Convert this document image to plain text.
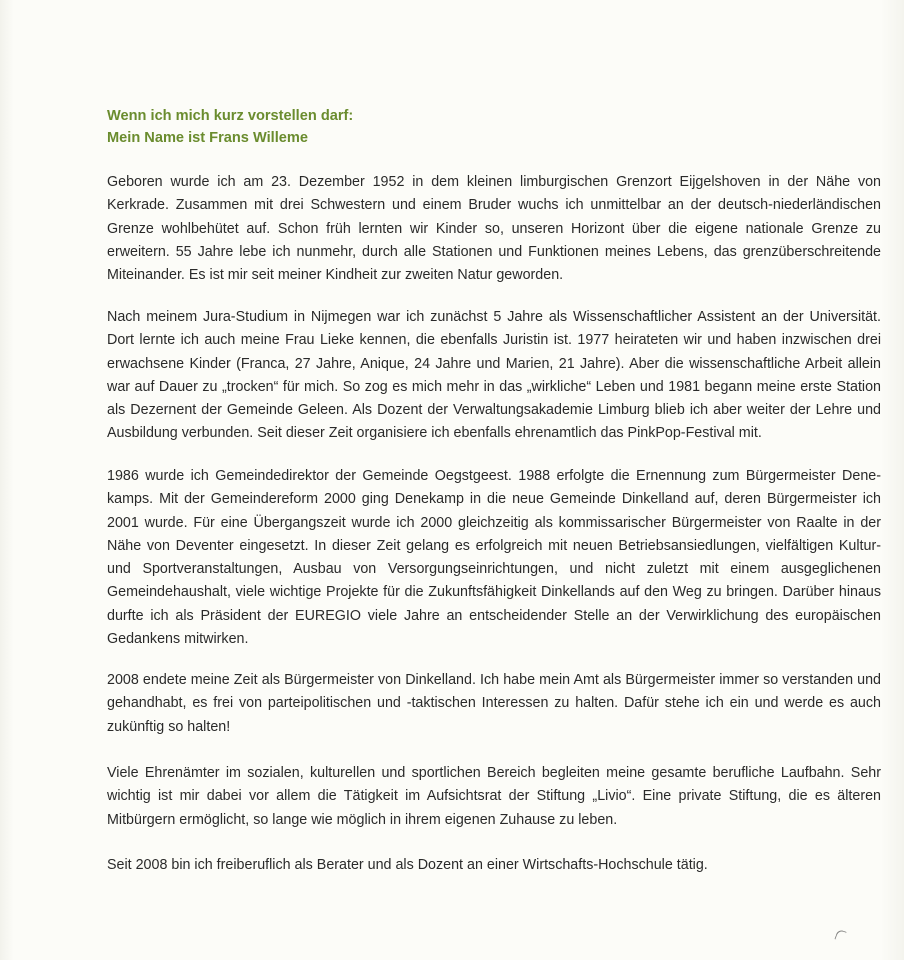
Wenn ich mich kurz vorstellen darf:
Mein Name ist Frans Willeme

Geboren wurde ich am 23. Dezember 1952 in dem kleinen limburgischen Grenzort Eijgelshoven in der Nähe von Kerkrade. Zusammen mit drei Schwestern und einem Bruder wuchs ich unmittelbar an der deutsch-niederländischen Grenze wohlbehütet auf. Schon früh lernten wir Kinder so, unseren Horizont über die eigene nationale Grenze zu erweitern. 55 Jahre lebe ich nunmehr, durch alle Stationen und Funktionen meines Lebens, das grenzüberschreitende Miteinander. Es ist mir seit meiner Kindheit zur zweiten Natur geworden.

Nach meinem Jura-Studium in Nijmegen war ich zunächst 5 Jahre als Wissenschaftlicher Assistent an der Universität. Dort lernte ich auch meine Frau Lieke kennen, die ebenfalls Juristin ist. 1977 heirateten wir und haben inzwischen drei erwachsene Kinder (Franca, 27 Jahre, Anique, 24 Jahre und Marien, 21 Jahre). Aber die wissenschaftliche Arbeit allein war auf Dauer zu „trocken“ für mich. So zog es mich mehr in das „wirkliche“ Leben und 1981 begann meine erste Station als Dezernent der Gemeinde Geleen. Als Dozent der Verwaltungsakademie Limburg blieb ich aber weiter der Lehre und Ausbildung verbunden. Seit dieser Zeit organisiere ich ebenfalls ehrenamtlich das PinkPop-Festival mit.

1986 wurde ich Gemeindedirektor der Gemeinde Oegstgeest. 1988 erfolgte die Ernennung zum Bürgermeister Denekamps. Mit der Gemeindereform 2000 ging Denekamp in die neue Gemeinde Dinkelland auf, deren Bürgermeister ich 2001 wurde. Für eine Übergangszeit wurde ich 2000 gleichzeitig als kommissarischer Bürgermeister von Raalte in der Nähe von Deventer eingesetzt. In dieser Zeit gelang es erfolgreich mit neuen Betriebsansiedlungen, vielfältigen Kultur- und Sportveranstaltungen, Ausbau von Versorgungseinrichtungen, und nicht zuletzt mit einem ausgeglichenen Gemeindehaushalt, viele wichtige Projekte für die Zukunftsfähigkeit Dinkellands auf den Weg zu bringen. Darüber hinaus durfte ich als Präsident der EUREGIO viele Jahre an entscheidender Stelle an der Verwirklichung des europäischen Gedankens mitwirken.

2008 endete meine Zeit als Bürgermeister von Dinkelland. Ich habe mein Amt als Bürgermeister immer so verstanden und gehandhabt, es frei von parteipolitischen und -taktischen Interessen zu halten. Dafür stehe ich ein und werde es auch zukünftig so halten!

Viele Ehrenämter im sozialen, kulturellen und sportlichen Bereich begleiten meine gesamte berufliche Laufbahn. Sehr wichtig ist mir dabei vor allem die Tätigkeit im Aufsichtsrat der Stiftung „Livio“. Eine private Stiftung, die es älteren Mitbürgern ermöglicht, so lange wie möglich in ihrem eigenen Zuhause zu leben.

Seit 2008 bin ich freiberuflich als Berater und als Dozent an einer Wirtschafts-Hochschule tätig.
